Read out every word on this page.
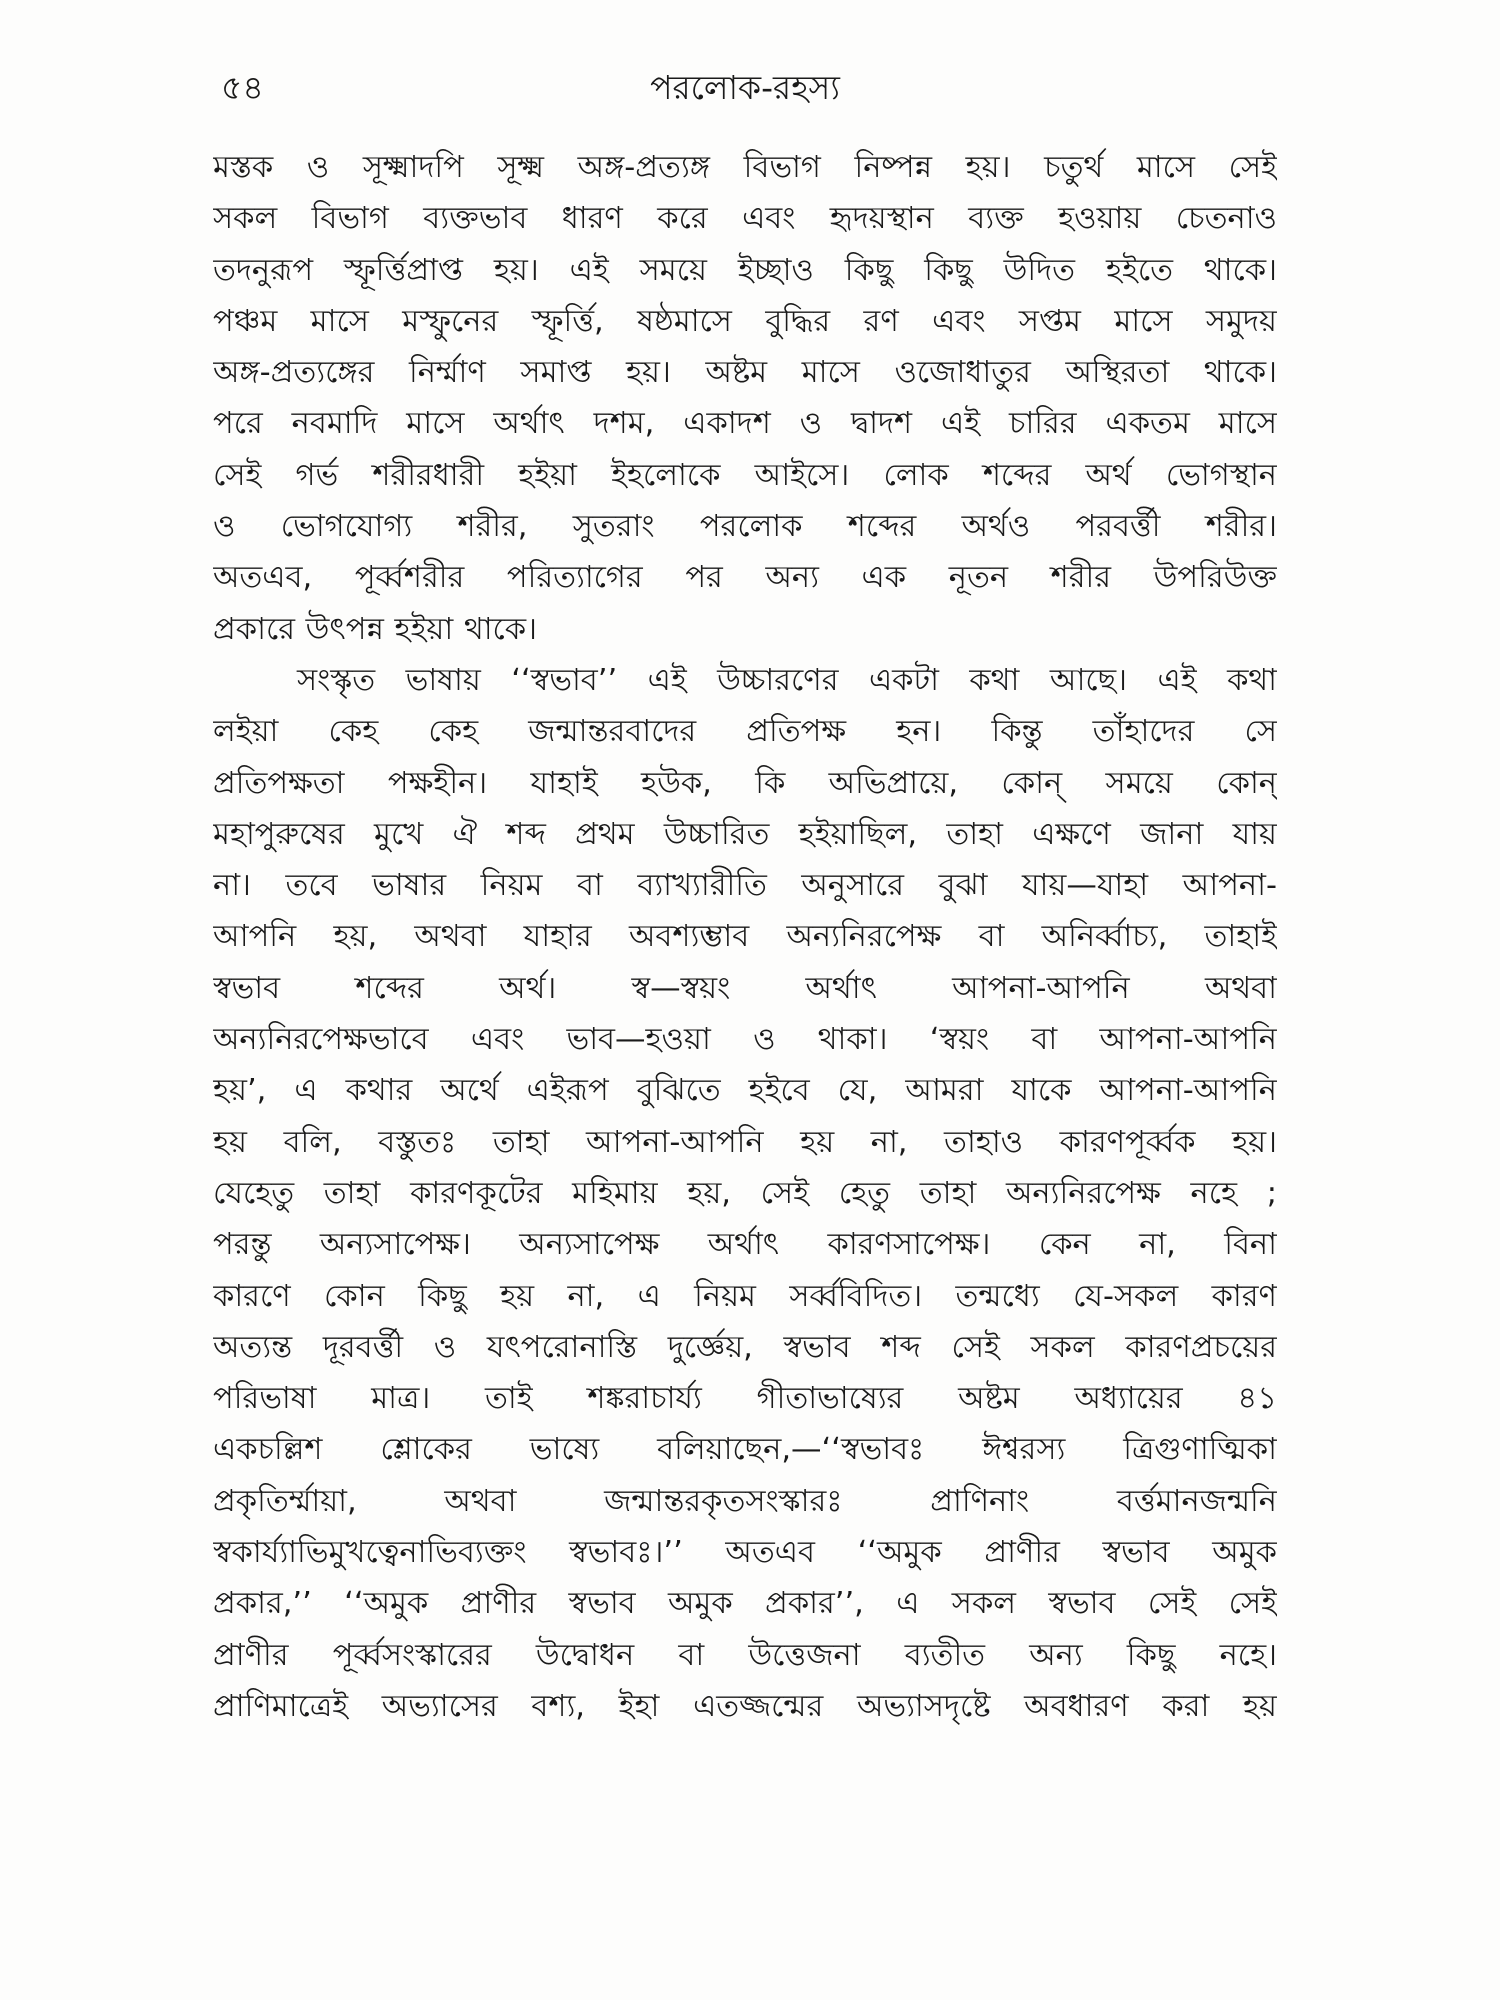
৫৪	পরলোক-রহস্য
মস্তক ও সূক্ষ্মাদপি সূক্ষ্ম অঙ্গ-প্রত্যঙ্গ বিভাগ নিষ্পন্ন হয়। চতুর্থ মাসে সেই
সকল বিভাগ ব্যক্তভাব ধারণ করে এবং হৃদয়স্থান ব্যক্ত হওয়ায় চেতনাও
তদনুরূপ স্ফূর্ত্তিপ্রাপ্ত হয়। এই সময়ে ইচ্ছাও কিছু কিছু উদিত হইতে থাকে।
পঞ্চম মাসে মস্ফুনের স্ফূর্ত্তি, ষষ্ঠমাসে বুদ্ধির রণ এবং সপ্তম মাসে সমুদয়
অঙ্গ-প্রত্যঙ্গের নির্ম্মাণ সমাপ্ত হয়। অষ্টম মাসে ওজোধাতুর অস্থিরতা থাকে।
পরে নবমাদি মাসে অর্থাৎ দশম, একাদশ ও দ্বাদশ এই চারির একতম মাসে
সেই গর্ভ শরীরধারী হইয়া ইহলোকে আইসে। লোক শব্দের অর্থ ভোগস্থান
ও ভোগযোগ্য শরীর, সুতরাং পরলোক শব্দের অর্থও পরবর্ত্তী শরীর।
অতএব, পূর্ব্বশরীর পরিত্যাগের পর অন্য এক নূতন শরীর উপরিউক্ত
প্রকারে উৎপন্ন হইয়া থাকে।
সংস্কৃত ভাষায় ‘‘স্বভাব’’ এই উচ্চারণের একটা কথা আছে। এই কথা
লইয়া কেহ কেহ জন্মান্তরবাদের প্রতিপক্ষ হন। কিন্তু তাঁহাদের সে
প্রতিপক্ষতা পক্ষহীন। যাহাই হউক, কি অভিপ্রায়ে, কোন্ সময়ে কোন্
মহাপুরুষের মুখে ঐ শব্দ প্রথম উচ্চারিত হইয়াছিল, তাহা এক্ষণে জানা যায়
না। তবে ভাষার নিয়ম বা ব্যাখ্যারীতি অনুসারে বুঝা যায়—যাহা আপনা-
আপনি হয়, অথবা যাহার অবশ্যম্ভাব অন্যনিরপেক্ষ বা অনির্ব্বাচ্য, তাহাই
স্বভাব শব্দের অর্থ। স্ব—স্বয়ং অর্থাৎ আপনা-আপনি অথবা
অন্যনিরপেক্ষভাবে এবং ভাব—হওয়া ও থাকা। ‘স্বয়ং বা আপনা-আপনি
হয়’, এ কথার অর্থে এইরূপ বুঝিতে হইবে যে, আমরা যাকে আপনা-আপনি
হয় বলি, বস্তুতঃ তাহা আপনা-আপনি হয় না, তাহাও কারণপূর্ব্বক হয়।
যেহেতু তাহা কারণকূটের মহিমায় হয়, সেই হেতু তাহা অন্যনিরপেক্ষ নহে ;
পরন্তু অন্যসাপেক্ষ। অন্যসাপেক্ষ অর্থাৎ কারণসাপেক্ষ। কেন না, বিনা
কারণে কোন কিছু হয় না, এ নিয়ম সর্ব্ববিদিত। তন্মধ্যে যে-সকল কারণ
অত্যন্ত দূরবর্ত্তী ও যৎপরোনাস্তি দুর্জ্ঞেয়, স্বভাব শব্দ সেই সকল কারণপ্রচয়ের
পরিভাষা মাত্র। তাই শঙ্করাচার্য্য গীতাভাষ্যের অষ্টম অধ্যায়ের ৪১
একচল্লিশ শ্লোকের ভাষ্যে বলিয়াছেন,—‘‘স্বভাবঃ ঈশ্বরস্য ত্রিগুণাত্মিকা
প্রকৃতির্ম্মায়া, অথবা জন্মান্তরকৃতসংস্কারঃ প্রাণিনাং বর্ত্তমানজন্মনি
স্বকার্য্যাভিমুখত্বেনাভিব্যক্তং স্বভাবঃ।’’ অতএব ‘‘অমুক প্রাণীর স্বভাব অমুক
প্রকার,’’ ‘‘অমুক প্রাণীর স্বভাব অমুক প্রকার’’, এ সকল স্বভাব সেই সেই
প্রাণীর পূর্ব্বসংস্কারের উদ্বোধন বা উত্তেজনা ব্যতীত অন্য কিছু নহে।
প্রাণিমাত্রেই অভ্যাসের বশ্য, ইহা এতজ্জন্মের অভ্যাসদৃষ্টে অবধারণ করা হয়
